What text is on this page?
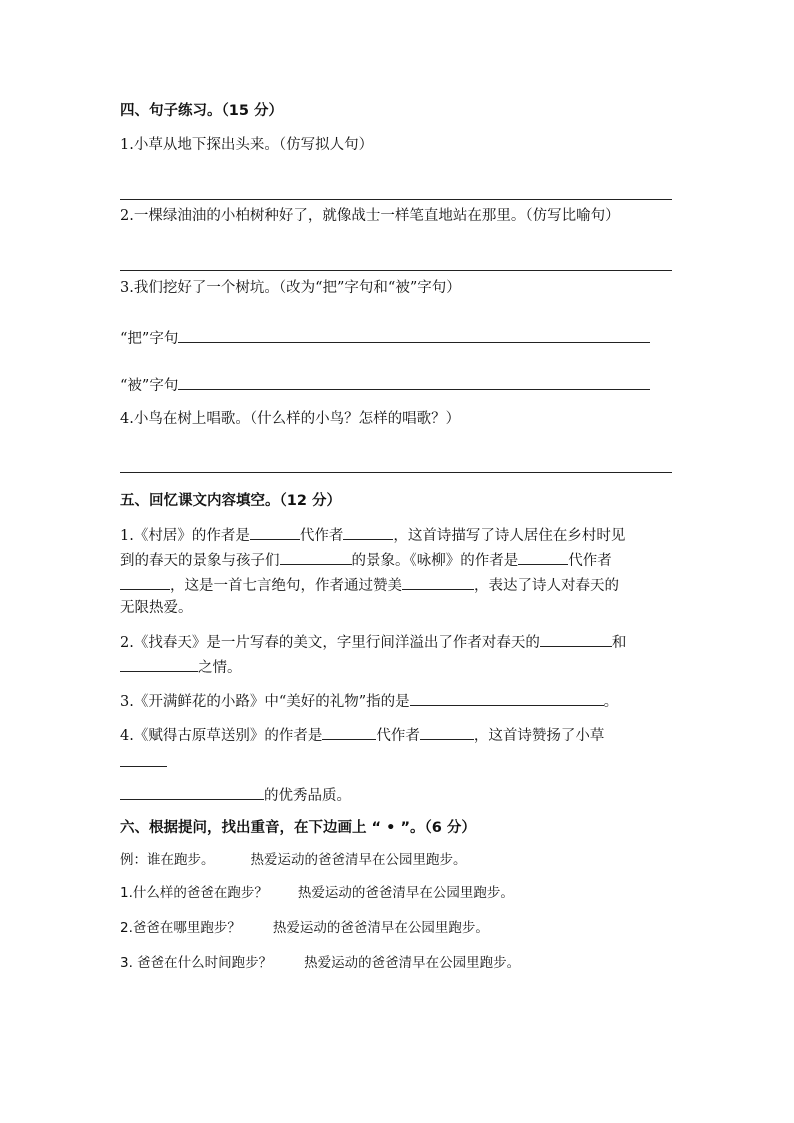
四、句子练习。（15 分）
1.小草从地下探出头来。（仿写拟人句）
2.一棵绿油油的小柏树种好了，就像战士一样笔直地站在那里。（仿写比喻句）
3.我们挖好了一个树坑。（改为“把”字句和“被”字句）
“把”字句
“被”字句
4.小鸟在树上唱歌。（什么样的小鸟？怎样的唱歌？）
五、回忆课文内容填空。（12 分）
1.《村居》的作者是	代作者	，这首诗描写了诗人居住在乡村时见
到的春天的景象与孩子们	的景象。《咏柳》的作者是	代作者
，这是一首七言绝句，作者通过赞美	，表达了诗人对春天的
无限热爱。
2.《找春天》是一片写春的美文，字里行间洋溢出了作者对春天的	和
之情。
3.《开满鲜花的小路》中“美好的礼物”指的是	。
4.《赋得古原草送别》的作者是	代作者	，这首诗赞扬了小草
的优秀品质。
六、根据提问，找出重音，在下边画上 “ • ”。（6 分）
例：谁在跑步。	热爱运动的爸爸清早在公园里跑步。
1.什么样的爸爸在跑步？ 热爱运动的爸爸清早在公园里跑步。
2.爸爸在哪里跑步？ 热爱运动的爸爸清早在公园里跑步。
3. 爸爸在什么时间跑步？ 热爱运动的爸爸清早在公园里跑步。
